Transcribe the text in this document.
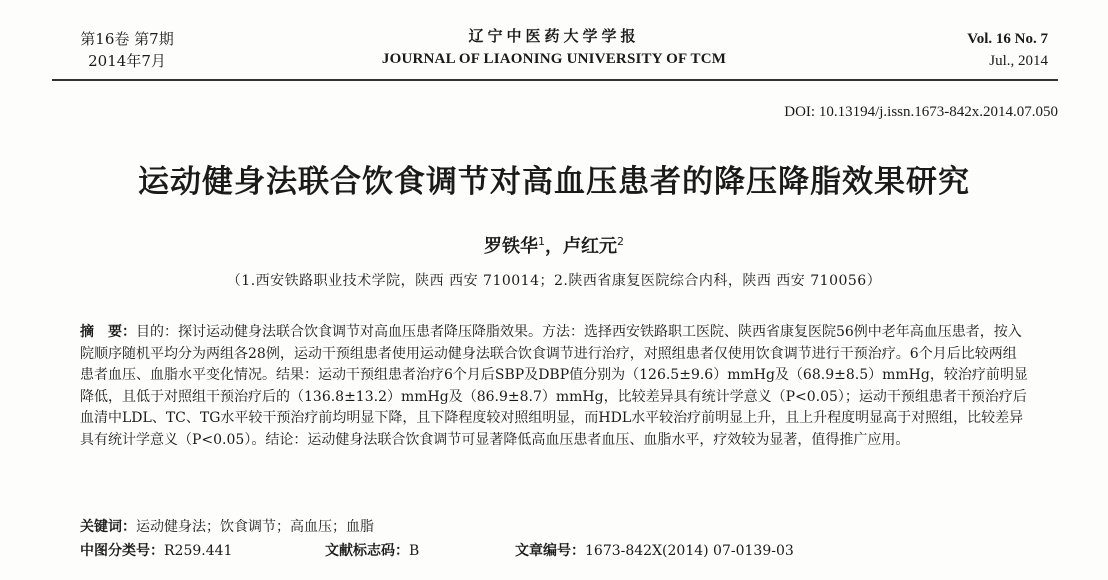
第16卷 第7期
2014年7月
辽宁中医药大学学报
JOURNAL OF LIAONING UNIVERSITY OF TCM
Vol. 16 No. 7
Jul., 2014
DOI: 10.13194/j.issn.1673-842x.2014.07.050
运动健身法联合饮食调节对高血压患者的降压降脂效果研究
罗铁华$^1$，卢红元$^2$
（1.西安铁路职业技术学院，陕西 西安 710014；2.陕西省康复医院综合内科，陕西 西安 710056）
摘　要：目的：探讨运动健身法联合饮食调节对高血压患者降压降脂效果。方法：选择西安铁路职工医院、陕西省康复医院56例中老年高血压患者，按入院顺序随机平均分为两组各28例，运动干预组患者使用运动健身法联合饮食调节进行治疗，对照组患者仅使用饮食调节进行干预治疗。6个月后比较两组患者血压、血脂水平变化情况。结果：运动干预组患者治疗6个月后SBP及DBP值分别为（126.5±9.6）mmHg及（68.9±8.5）mmHg，较治疗前明显降低，且低于对照组干预治疗后的（136.8±13.2）mmHg及（86.9±8.7）mmHg，比较差异具有统计学意义（P<0.05）；运动干预组患者干预治疗后血清中LDL、TC、TG水平较干预治疗前均明显下降，且下降程度较对照组明显，而HDL水平较治疗前明显上升，且上升程度明显高于对照组，比较差异具有统计学意义（P<0.05）。结论：运动健身法联合饮食调节可显著降低高血压患者血压、血脂水平，疗效较为显著，值得推广应用。
关键词：运动健身法；饮食调节；高血压；血脂
中图分类号：R259.441	文献标志码：B	文章编号：1673-842X(2014) 07-0139-03
